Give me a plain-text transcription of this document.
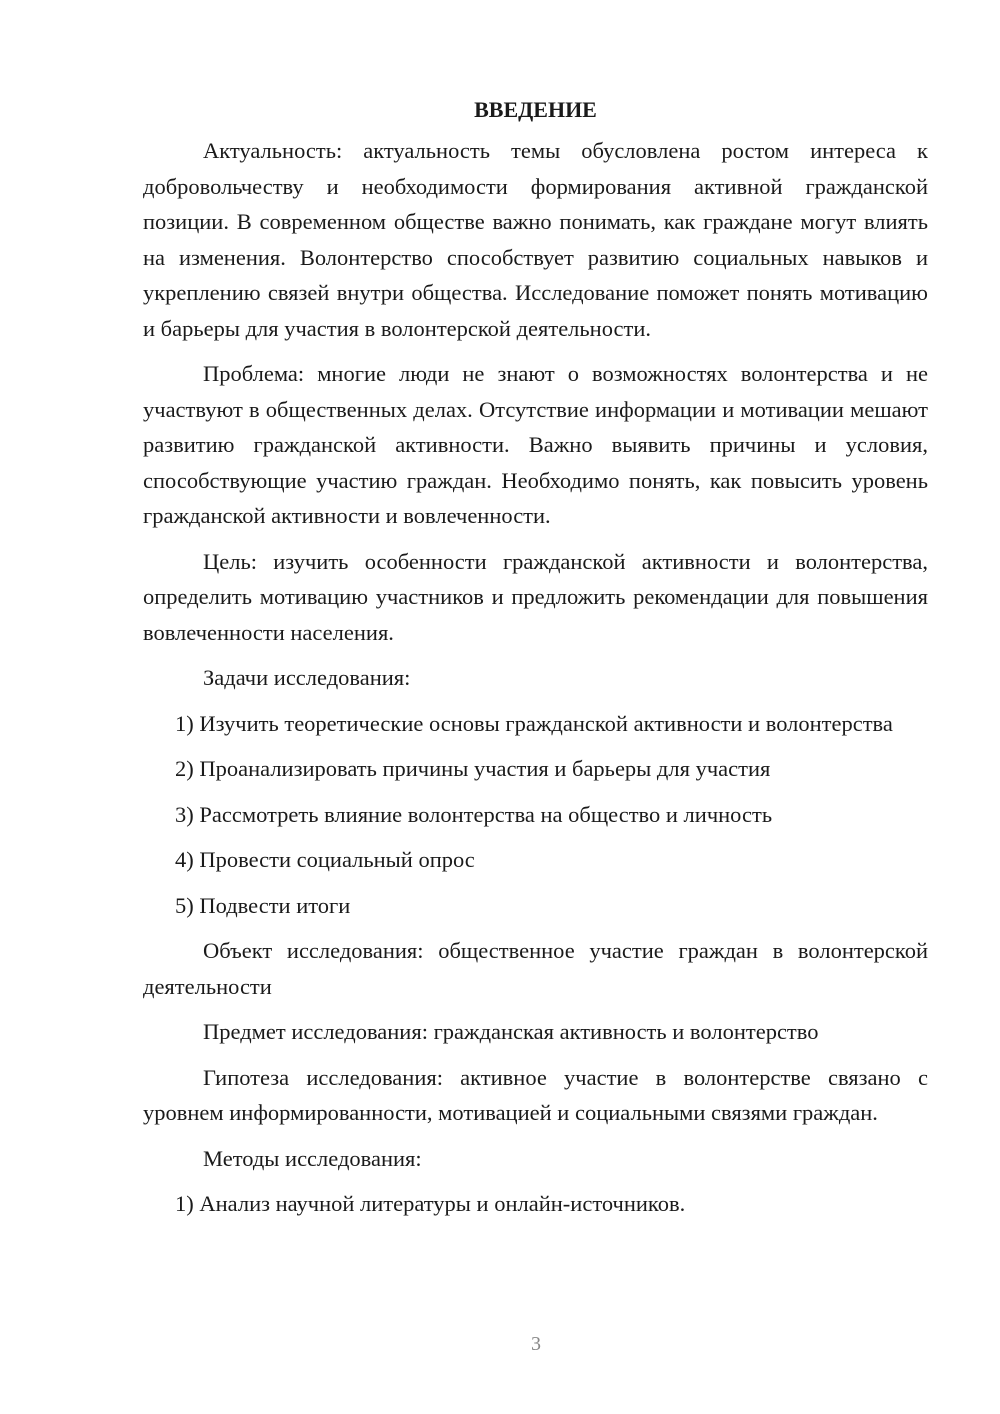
ВВЕДЕНИЕ

Актуальность: актуальность темы обусловлена ростом интереса к добровольчеству и необходимости формирования активной гражданской позиции. В современном обществе важно понимать, как граждане могут влиять на изменения. Волонтерство способствует развитию социальных навыков и укреплению связей внутри общества. Исследование поможет понять мотивацию и барьеры для участия в волонтерской деятельности.

Проблема: многие люди не знают о возможностях волонтерства и не участвуют в общественных делах. Отсутствие информации и мотивации мешают развитию гражданской активности. Важно выявить причины и условия, способствующие участию граждан. Необходимо понять, как повысить уровень гражданской активности и вовлеченности.

Цель: изучить особенности гражданской активности и волонтерства, определить мотивацию участников и предложить рекомендации для повышения вовлеченности населения.

Задачи исследования:

1) Изучить теоретические основы гражданской активности и волонтерства

2) Проанализировать причины участия и барьеры для участия

3) Рассмотреть влияние волонтерства на общество и личность

4) Провести социальный опрос

5) Подвести итоги

Объект исследования: общественное участие граждан в волонтерской деятельности

Предмет исследования: гражданская активность и волонтерство

Гипотеза исследования: активное участие в волонтерстве связано с уровнем информированности, мотивацией и социальными связями граждан.

Методы исследования:

1) Анализ научной литературы и онлайн-источников.

3
